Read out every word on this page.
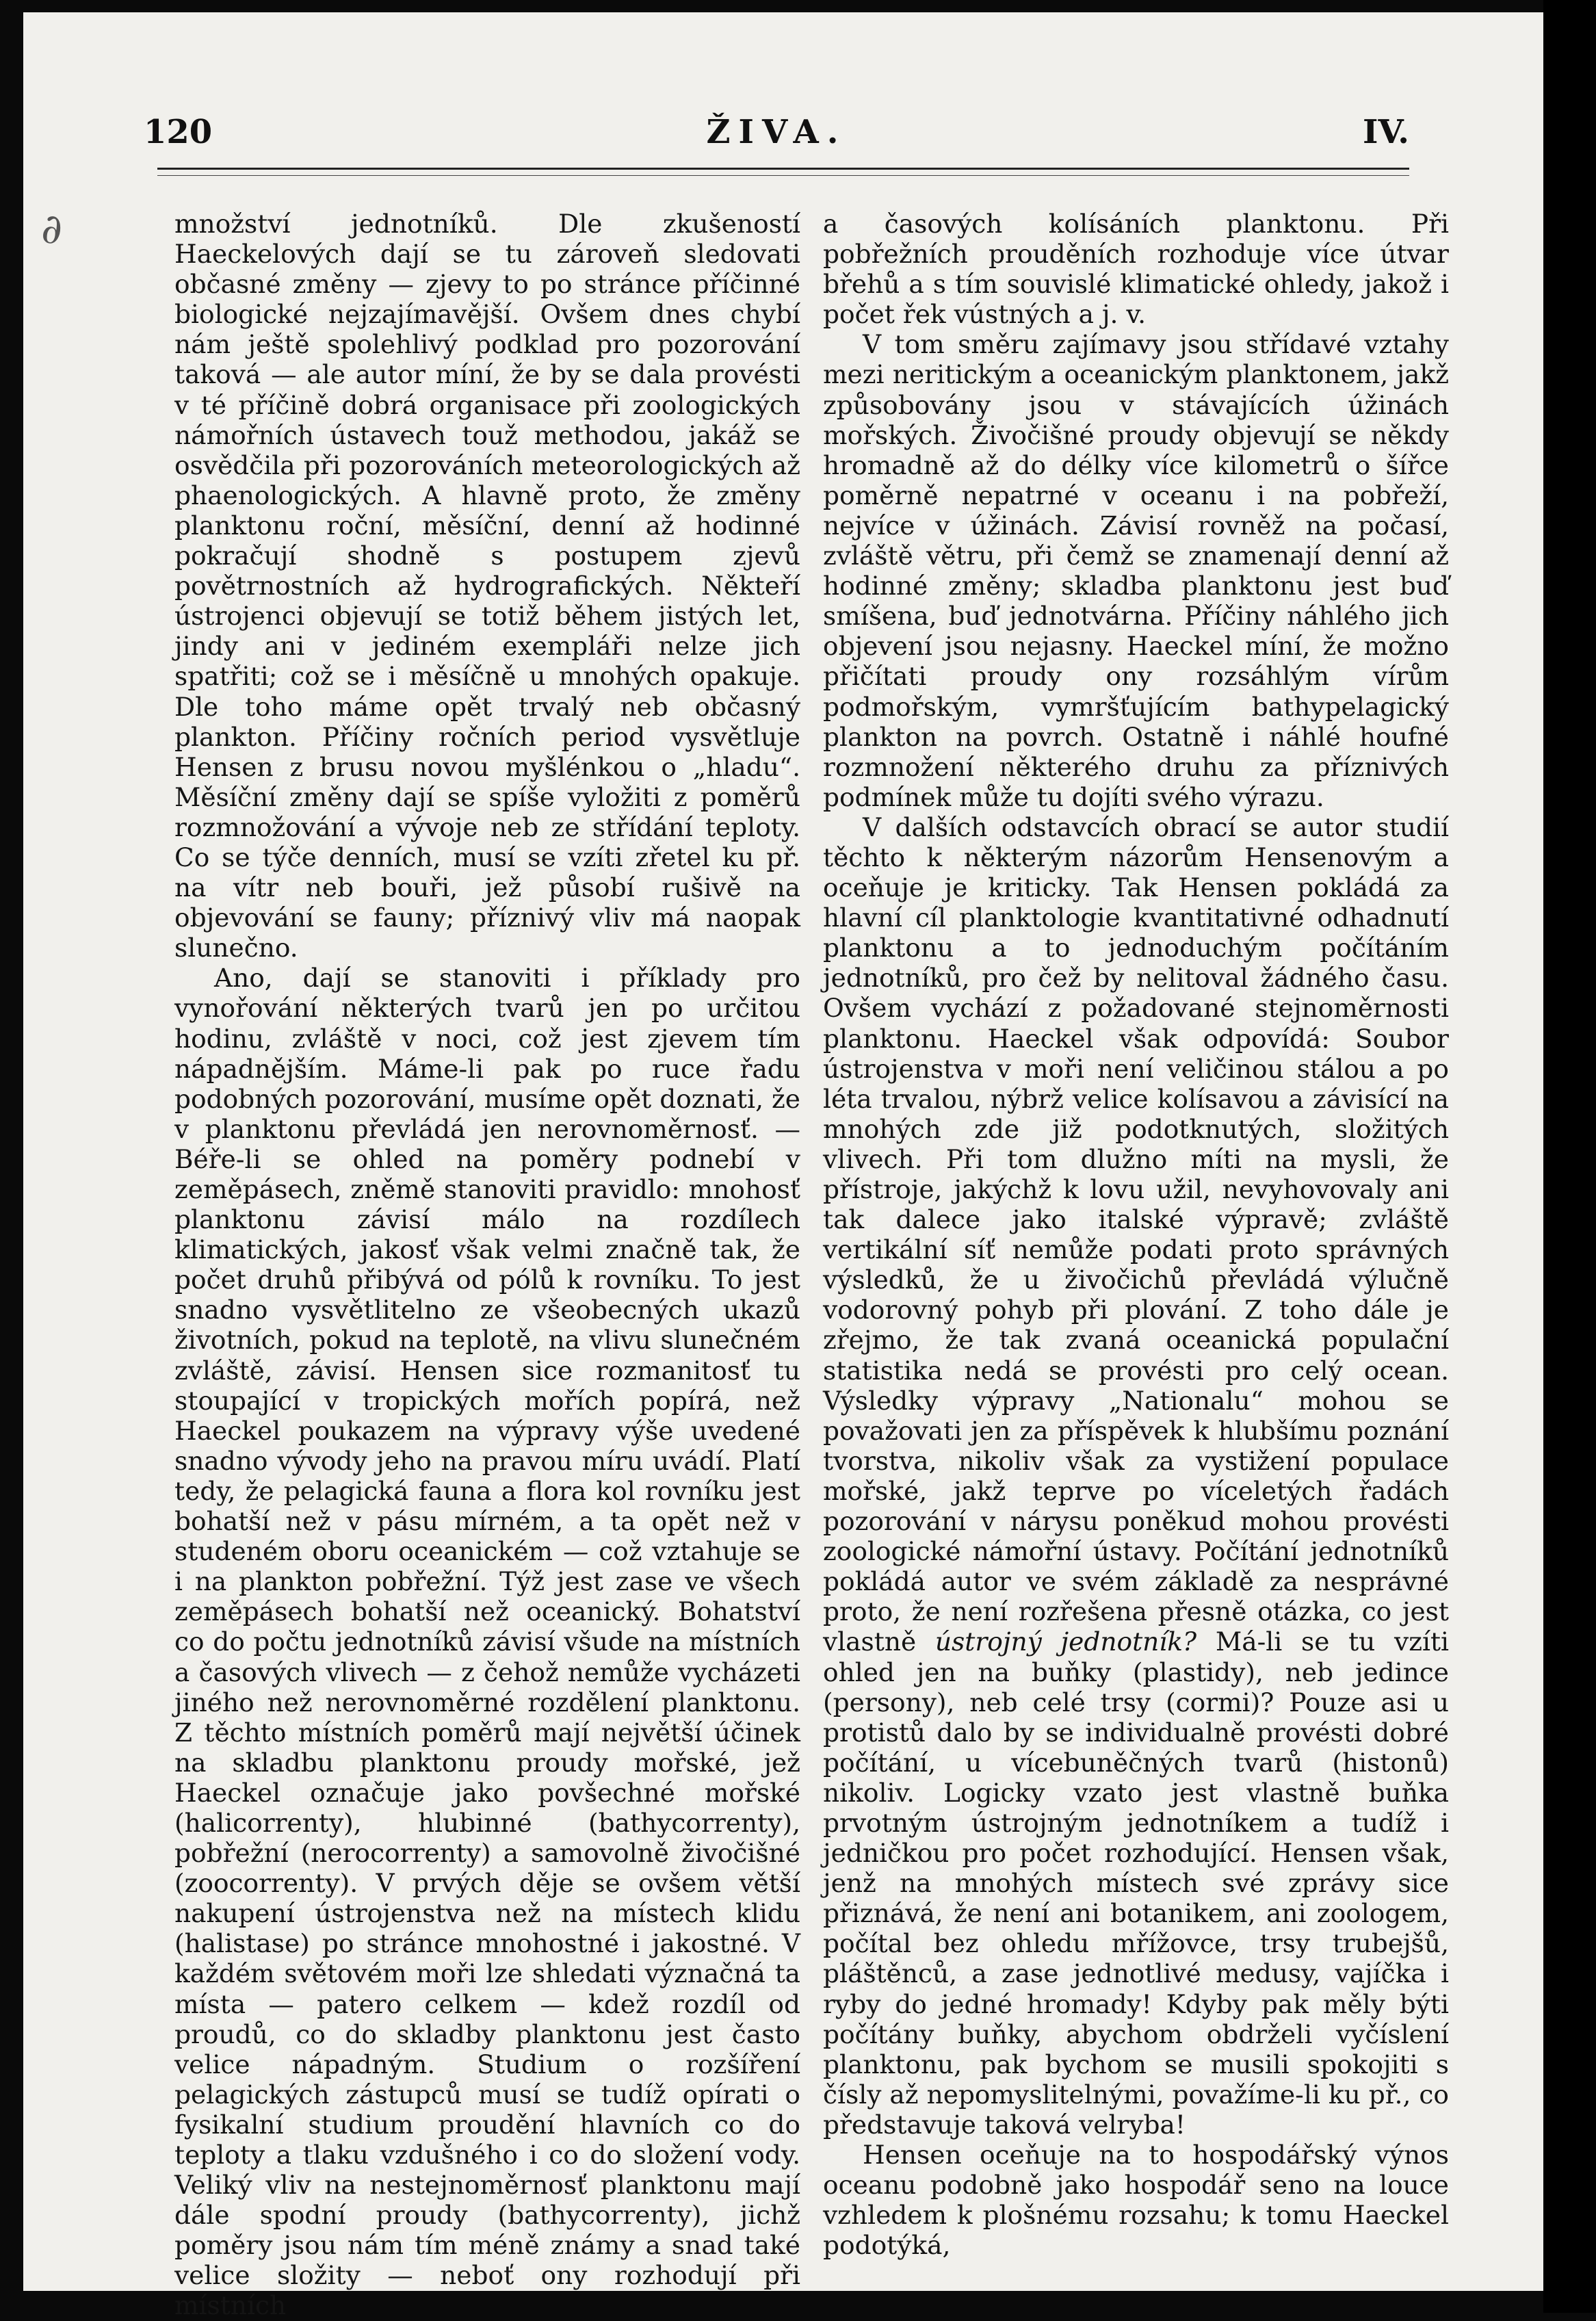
120	ŽIVA.	IV.
∂	množství jednotníků. Dle zkušeností Haeckelových dají se tu zároveň sledovati občasné změny — zjevy to po stránce příčinné biologické nejzajímavější. Ovšem dnes chybí nám ještě spolehlivý podklad pro pozorování taková — ale autor míní, že by se dala provésti v té příčině dobrá organisace při zoologických námořních ústavech touž methodou, jakáž se osvědčila při pozorováních meteorologických až phaenologických. A hlavně proto, že změny planktonu roční, měsíční, denní až hodinné pokračují shodně s postupem zjevů povětrnostních až hydrografických. Někteří ústrojenci objevují se totiž během jistých let, jindy ani v jediném exempláři nelze jich spatřiti; což se i měsíčně u mnohých opakuje. Dle toho máme opět trvalý neb občasný plankton. Příčiny ročních period vysvětluje Hensen z brusu novou myšlénkou o „hladu“. Měsíční změny dají se spíše vyložiti z poměrů rozmnožování a vývoje neb ze střídání teploty. Co se týče denních, musí se vzíti zřetel ku př. na vítr neb bouři, jež působí rušivě na objevování se fauny; příznivý vliv má naopak slunečno.

Ano, dají se stanoviti i příklady pro vynořování některých tvarů jen po určitou hodinu, zvláště v noci, což jest zjevem tím nápadnějším. Máme-li pak po ruce řadu podobných pozorování, musíme opět doznati, že v planktonu převládá jen nerovnoměrnosť. — Béře-li se ohled na poměry podnebí v zeměpásech, zněmě stanoviti pravidlo: mnohosť planktonu závisí málo na rozdílech klimatických, jakosť však velmi značně tak, že počet druhů přibývá od pólů k rovníku. To jest snadno vysvětlitelno ze všeobecných ukazů životních, pokud na teplotě, na vlivu slunečném zvláště, závisí. Hensen sice rozmanitosť tu stoupající v tropických mořích popírá, než Haeckel poukazem na výpravy výše uvedené snadno vývody jeho na pravou míru uvádí. Platí tedy, že pelagická fauna a flora kol rovníku jest bohatší než v pásu mírném, a ta opět než v studeném oboru oceanickém — což vztahuje se i na plankton pobřežní. Týž jest zase ve všech zeměpásech bohatší než oceanický. Bohatství co do počtu jednotníků závisí všude na místních a časových vlivech — z čehož nemůže vycházeti jiného než nerovnoměrné rozdělení planktonu. Z těchto místních poměrů mají největší účinek na skladbu planktonu proudy mořské, jež Haeckel označuje jako povšechné mořské (halicorrenty), hlubinné (bathycorrenty), pobřežní (nerocorrenty) a samovolně živočišné (zoocorrenty). V prvých děje se ovšem větší nakupení ústrojenstva než na místech klidu (halistase) po stránce mnohostné i jakostné. V každém světovém moři lze shledati význačná ta místa — patero celkem — kdež rozdíl od proudů, co do skladby planktonu jest často velice nápadným. Studium o rozšíření pelagických zástupců musí se tudíž opírati o fysikalní studium proudění hlavních co do teploty a tlaku vzdušného i co do složení vody. Veliký vliv na nestejnoměrnosť planktonu mají dále spodní proudy (bathycorrenty), jichž poměry jsou nám tím méně známy a snad také velice složity — neboť ony rozhodují při místních

a časových kolísáních planktonu. Při pobřežních prouděních rozhoduje více útvar břehů a s tím souvislé klimatické ohledy, jakož i počet řek vústných a j. v.

V tom směru zajímavy jsou střídavé vztahy mezi neritickým a oceanickým planktonem, jakž způsobovány jsou v stávajících úžinách mořských. Živočišné proudy objevují se někdy hromadně až do délky více kilometrů o šířce poměrně nepatrné v oceanu i na pobřeží, nejvíce v úžinách. Závisí rovněž na počasí, zvláště větru, při čemž se znamenají denní až hodinné změny; skladba planktonu jest buď smíšena, buď jednotvárna. Příčiny náhlého jich objevení jsou nejasny. Haeckel míní, že možno přičítati proudy ony rozsáhlým vírům podmořským, vymršťujícím bathypelagický plankton na povrch. Ostatně i náhlé houfné rozmnožení některého druhu za příznivých podmínek může tu dojíti svého výrazu.

V dalších odstavcích obrací se autor studií těchto k některým názorům Hensenovým a oceňuje je kriticky. Tak Hensen pokládá za hlavní cíl planktologie kvantitativné odhadnutí planktonu a to jednoduchým počítáním jednotníků, pro čež by nelitoval žádného času. Ovšem vychází z požadované stejnoměrnosti planktonu. Haeckel však odpovídá: Soubor ústrojenstva v moři není veličinou stálou a po léta trvalou, nýbrž velice kolísavou a závisící na mnohých zde již podotknutých, složitých vlivech. Při tom dlužno míti na mysli, že přístroje, jakýchž k lovu užil, nevyhovovaly ani tak dalece jako italské výpravě; zvláště vertikální síť nemůže podati proto správných výsledků, že u živočichů převládá výlučně vodorovný pohyb při plování. Z toho dále je zřejmo, že tak zvaná oceanická populační statistika nedá se provésti pro celý ocean. Výsledky výpravy „Nationalu“ mohou se považovati jen za příspěvek k hlubšímu poznání tvorstva, nikoliv však za vystižení populace mořské, jakž teprve po víceletých řadách pozorování v nárysu poněkud mohou provésti zoologické námořní ústavy. Počítání jednotníků pokládá autor ve svém základě za nesprávné proto, že není rozřešena přesně otázka, co jest vlastně ústrojný jednotník? Má-li se tu vzíti ohled jen na buňky (plastidy), neb jedince (persony), neb celé trsy (cormi)? Pouze asi u protistů dalo by se individualně provésti dobré počítání, u vícebuněčných tvarů (histonů) nikoliv. Logicky vzato jest vlastně buňka prvotným ústrojným jednotníkem a tudíž i jedničkou pro počet rozhodující. Hensen však, jenž na mnohých místech své zprávy sice přiznává, že není ani botanikem, ani zoologem, počítal bez ohledu mřížovce, trsy trubejšů, pláštěnců, a zase jednotlivé medusy, vajíčka i ryby do jedné hromady! Kdyby pak měly býti počítány buňky, abychom obdrželi vyčíslení planktonu, pak bychom se musili spokojiti s čísly až nepomyslitelnými, považíme-li ku př., co představuje taková velryba!

Hensen oceňuje na to hospodářský výnos oceanu podobně jako hospodář seno na louce vzhledem k plošnému rozsahu; k tomu Haeckel podotýká,
